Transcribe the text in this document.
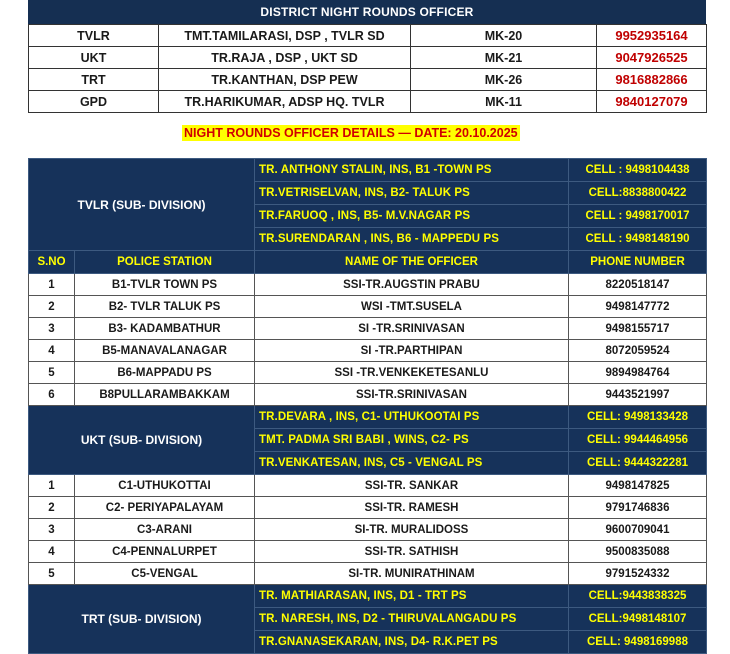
DISTRICT NIGHT ROUNDS OFFICER
TVLR	TMT.TAMILARASI, DSP , TVLR SD	MK-20	9952935164
UKT	TR.RAJA , DSP , UKT SD	MK-21	9047926525
TRT	TR.KANTHAN, DSP PEW	MK-26	9816882866
GPD	TR.HARIKUMAR, ADSP HQ. TVLR	MK-11	9840127079
NIGHT ROUNDS OFFICER DETAILS — DATE: 20.10.2025
TVLR (SUB- DIVISION)		TR. ANTHONY STALIN, INS, B1 -TOWN PS	CELL : 9498104438
		TR.VETRISELVAN, INS, B2- TALUK PS	CELL:8838800422
		TR.FARUOQ , INS, B5- M.V.NAGAR PS	CELL : 9498170017
		TR.SURENDARAN , INS, B6 - MAPPEDU PS	CELL : 9498148190
S.NO	POLICE STATION	NAME OF THE OFFICER	PHONE NUMBER
1	B1-TVLR TOWN PS	SSI-TR.AUGSTIN PRABU	8220518147
2	B2- TVLR TALUK PS	WSI -TMT.SUSELA	9498147772
3	B3- KADAMBATHUR	SI -TR.SRINIVASAN	9498155717
4	B5-MANAVALANAGAR	SI -TR.PARTHIPAN	8072059524
5	B6-MAPPADU PS	SSI -TR.VENKEKETESANLU	9894984764
6	B8PULLARAMBAKKAM	SSI-TR.SRINIVASAN	9443521997
UKT (SUB- DIVISION)		TR.DEVARA , INS, C1- UTHUKOOTAI PS	CELL: 9498133428
		TMT. PADMA SRI BABI , WINS, C2- PS	CELL: 9944464956
		TR.VENKATESAN, INS, C5 - VENGAL PS	CELL: 9444322281
1	C1-UTHUKOTTAI	SSI-TR. SANKAR	9498147825
2	C2- PERIYAPALAYAM	SSI-TR. RAMESH	9791746836
3	C3-ARANI	SI-TR. MURALIDOSS	9600709041
4	C4-PENNALURPET	SSI-TR. SATHISH	9500835088
5	C5-VENGAL	SI-TR. MUNIRATHINAM	9791524332
TRT (SUB- DIVISION)		TR. MATHIARASAN, INS, D1 - TRT PS	CELL:9443838325
		TR. NARESH, INS, D2 - THIRUVALANGADU PS	CELL:9498148107
		TR.GNANASEKARAN, INS, D4- R.K.PET PS	CELL: 9498169988
